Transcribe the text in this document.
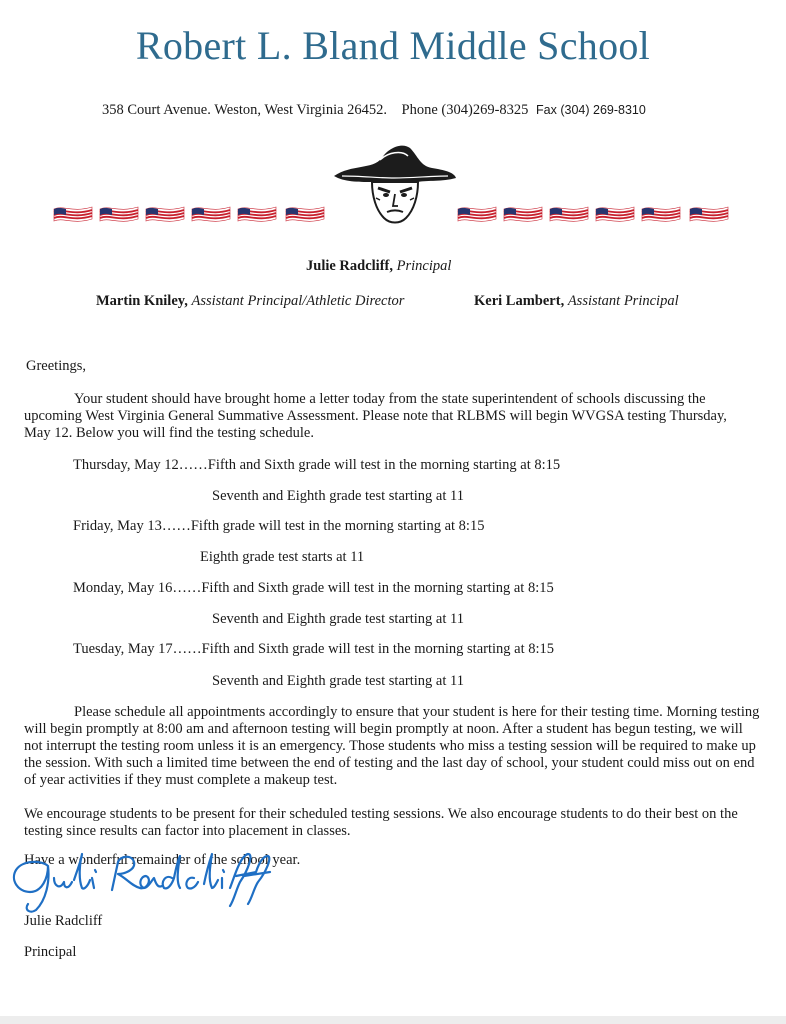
Robert L. Bland Middle School
358 Court Avenue. Weston, West Virginia 26452.    Phone (304)269-8325 Fax (304) 269-8310
Julie Radcliff, Principal
Martin Kniley, Assistant Principal/Athletic Director	Keri Lambert, Assistant Principal
Greetings,
Your student should have brought home a letter today from the state superintendent of schools discussing the upcoming West Virginia General Summative Assessment. Please note that RLBMS will begin WVGSA testing Thursday, May 12. Below you will find the testing schedule.
Thursday, May 12……Fifth and Sixth grade will test in the morning starting at 8:15
Seventh and Eighth grade test starting at 11
Friday, May 13……Fifth grade will test in the morning starting at 8:15
Eighth grade test starts at 11
Monday, May 16……Fifth and Sixth grade will test in the morning starting at 8:15
Seventh and Eighth grade test starting at 11
Tuesday, May 17……Fifth and Sixth grade will test in the morning starting at 8:15
Seventh and Eighth grade test starting at 11
Please schedule all appointments accordingly to ensure that your student is here for their testing time. Morning testing will begin promptly at 8:00 am and afternoon testing will begin promptly at noon. After a student has begun testing, we will not interrupt the testing room unless it is an emergency. Those students who miss a testing session will be required to make up the session. With such a limited time between the end of testing and the last day of school, your student could miss out on end of year activities if they must complete a makeup test.
We encourage students to be present for their scheduled testing sessions. We also encourage students to do their best on the testing since results can factor into placement in classes.
Have a wonderful remainder of the school year.
Julie Radcliff
Principal
